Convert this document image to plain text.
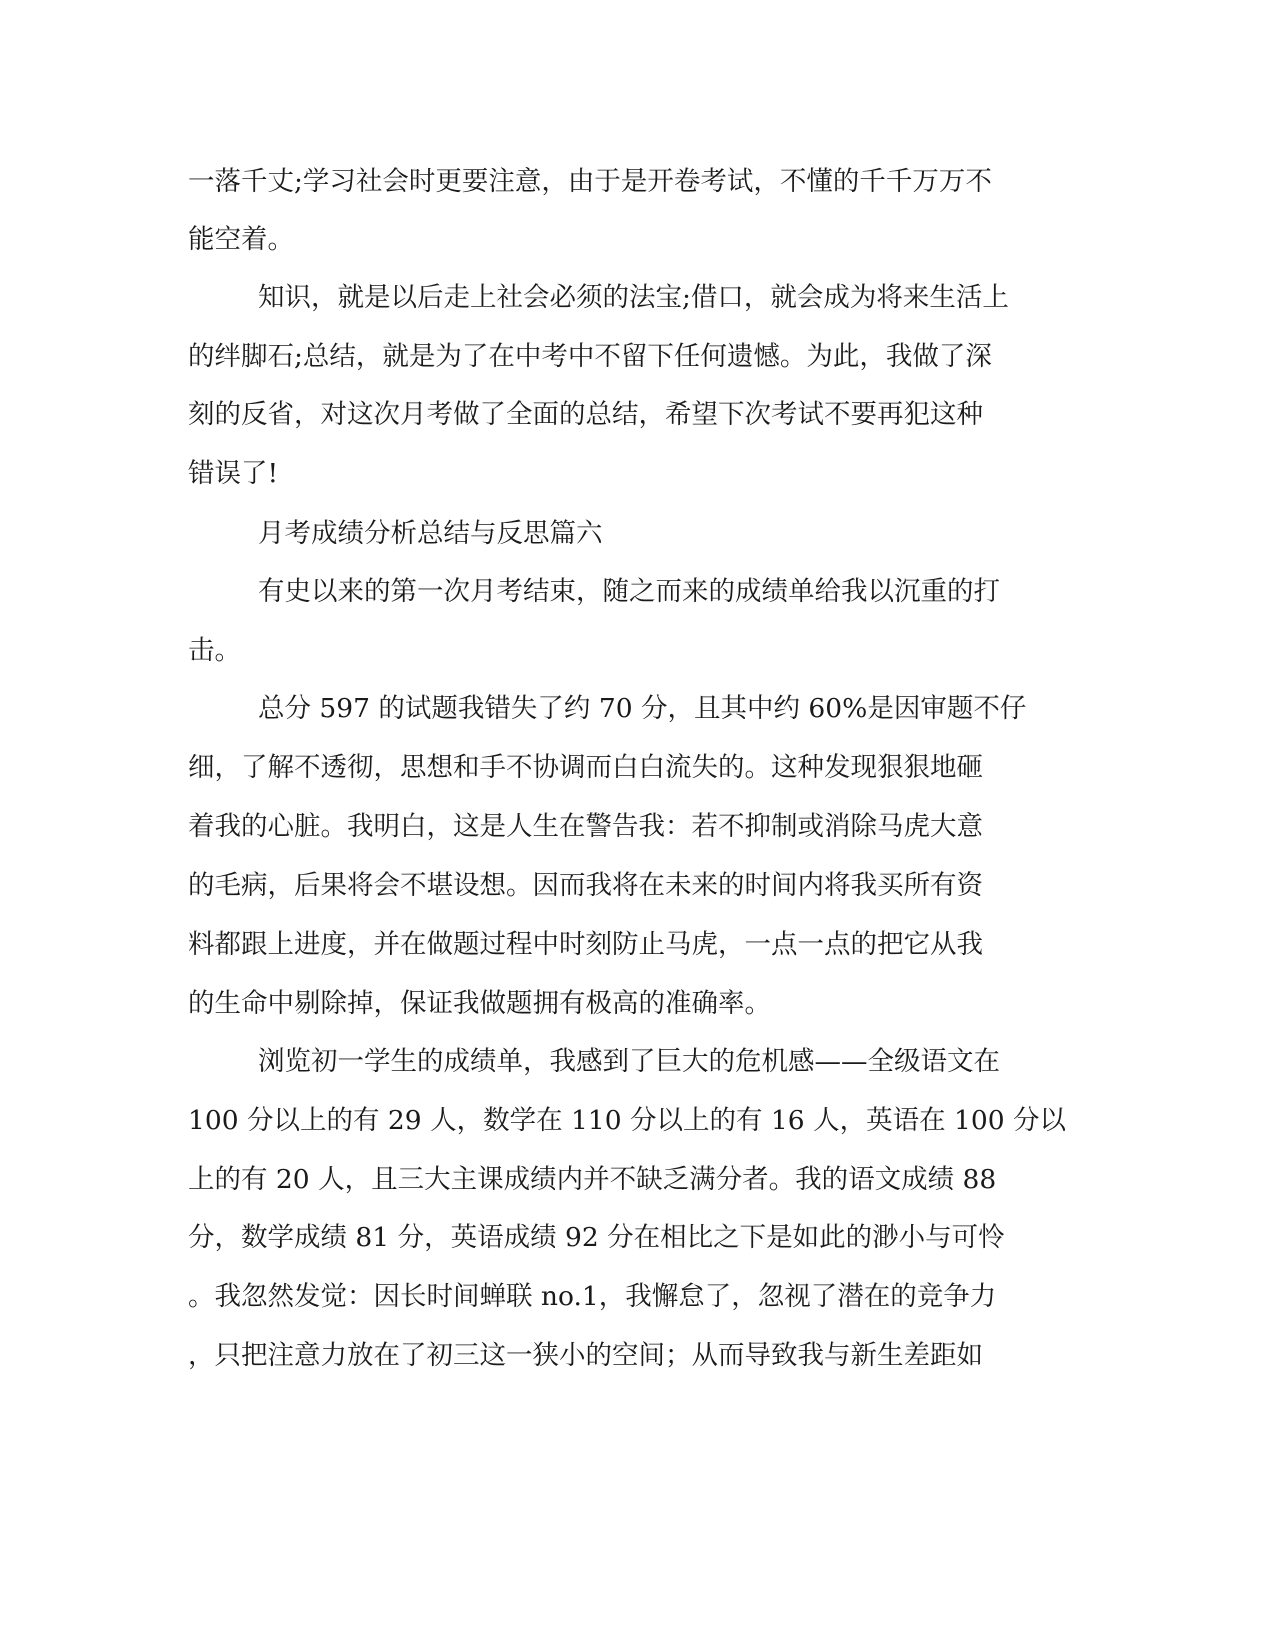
一落千丈;学习社会时更要注意，由于是开卷考试，不懂的千千万万不
能空着。
知识，就是以后走上社会必须的法宝;借口，就会成为将来生活上
的绊脚石;总结，就是为了在中考中不留下任何遗憾。为此，我做了深
刻的反省，对这次月考做了全面的总结，希望下次考试不要再犯这种
错误了!
月考成绩分析总结与反思篇六
有史以来的第一次月考结束，随之而来的成绩单给我以沉重的打
击。
总分 597 的试题我错失了约 70 分，且其中约 60%是因审题不仔
细，了解不透彻，思想和手不协调而白白流失的。这种发现狠狠地砸
着我的心脏。我明白，这是人生在警告我：若不抑制或消除马虎大意
的毛病，后果将会不堪设想。因而我将在未来的时间内将我买所有资
料都跟上进度，并在做题过程中时刻防止马虎，一点一点的把它从我
的生命中剔除掉，保证我做题拥有极高的准确率。
浏览初一学生的成绩单，我感到了巨大的危机感——全级语文在
100 分以上的有 29 人，数学在 110 分以上的有 16 人，英语在 100 分以
上的有 20 人，且三大主课成绩内并不缺乏满分者。我的语文成绩 88
分，数学成绩 81 分，英语成绩 92 分在相比之下是如此的渺小与可怜
。我忽然发觉：因长时间蝉联 no.1，我懈怠了，忽视了潜在的竞争力
，只把注意力放在了初三这一狭小的空间；从而导致我与新生差距如
